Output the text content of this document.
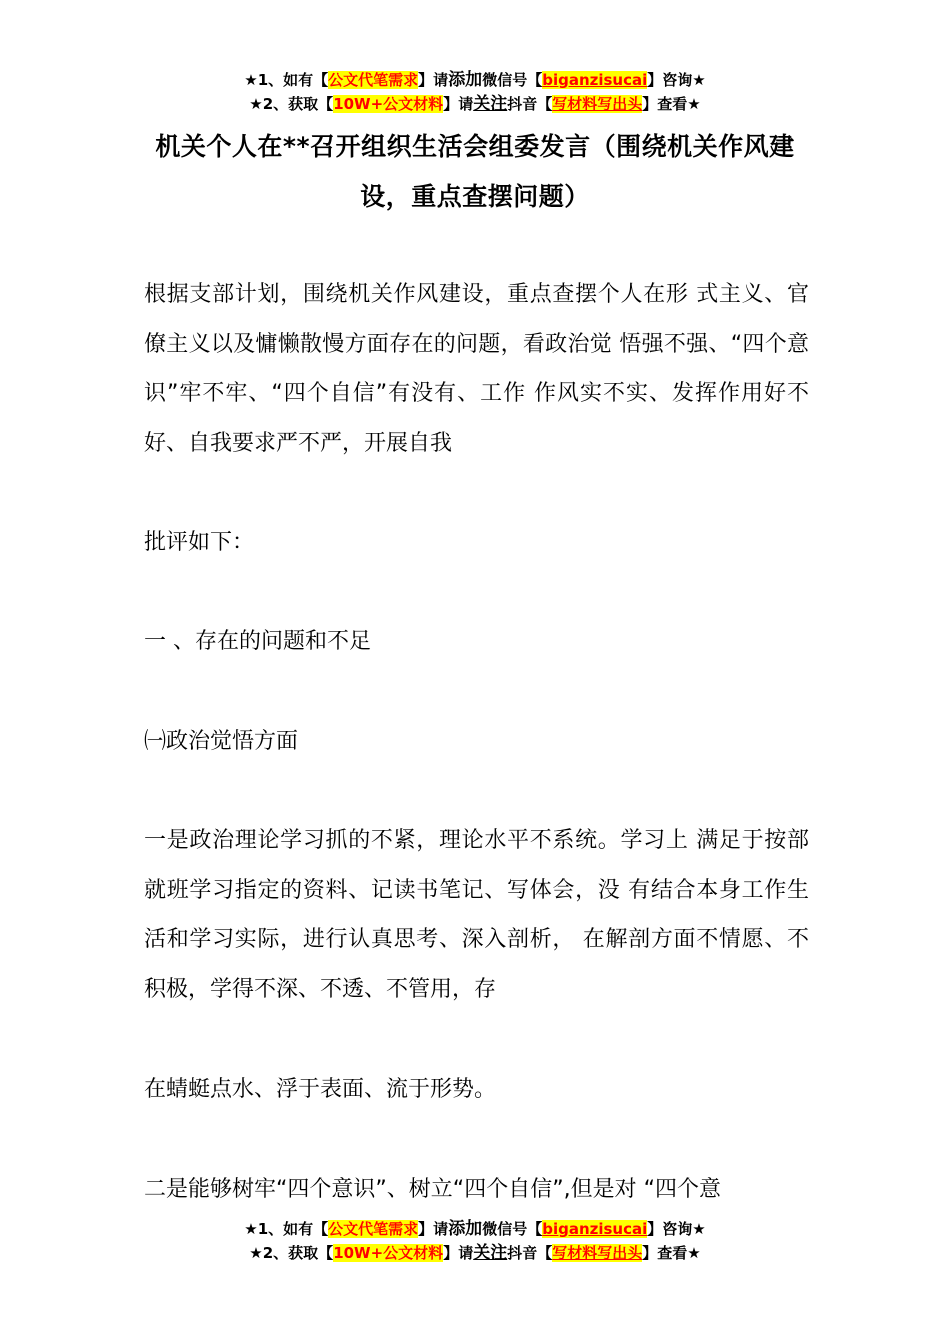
★1、如有【公文代笔需求】请添加微信号【biganzisucai】咨询★
★2、获取【10W+公文材料】请关注抖音【写材料写出头】查看★
机关个人在**召开组织生活会组委发言（围绕机关作风建设，重点查摆问题）
根据支部计划，围绕机关作风建设，重点查摆个人在形 式主义、官僚主义以及慵懒散慢方面存在的问题，看政治觉 悟强不强、“四个意识”牢不牢、“四个自信”有没有、工作 作风实不实、发挥作用好不好、自我要求严不严，开展自我
批评如下：
一 、存在的问题和不足
㈠政治觉悟方面
一是政治理论学习抓的不紧，理论水平不系统。学习上 满足于按部就班学习指定的资料、记读书笔记、写体会，没 有结合本身工作生活和学习实际，进行认真思考、深入剖析， 在解剖方面不情愿、不积极，学得不深、不透、不管用，存
在蜻蜓点水、浮于表面、流于形势。
二是能够树牢“四个意识”、树立“四个自信”,但是对 “四个意
★1、如有【公文代笔需求】请添加微信号【biganzisucai】咨询★
★2、获取【10W+公文材料】请关注抖音【写材料写出头】查看★
